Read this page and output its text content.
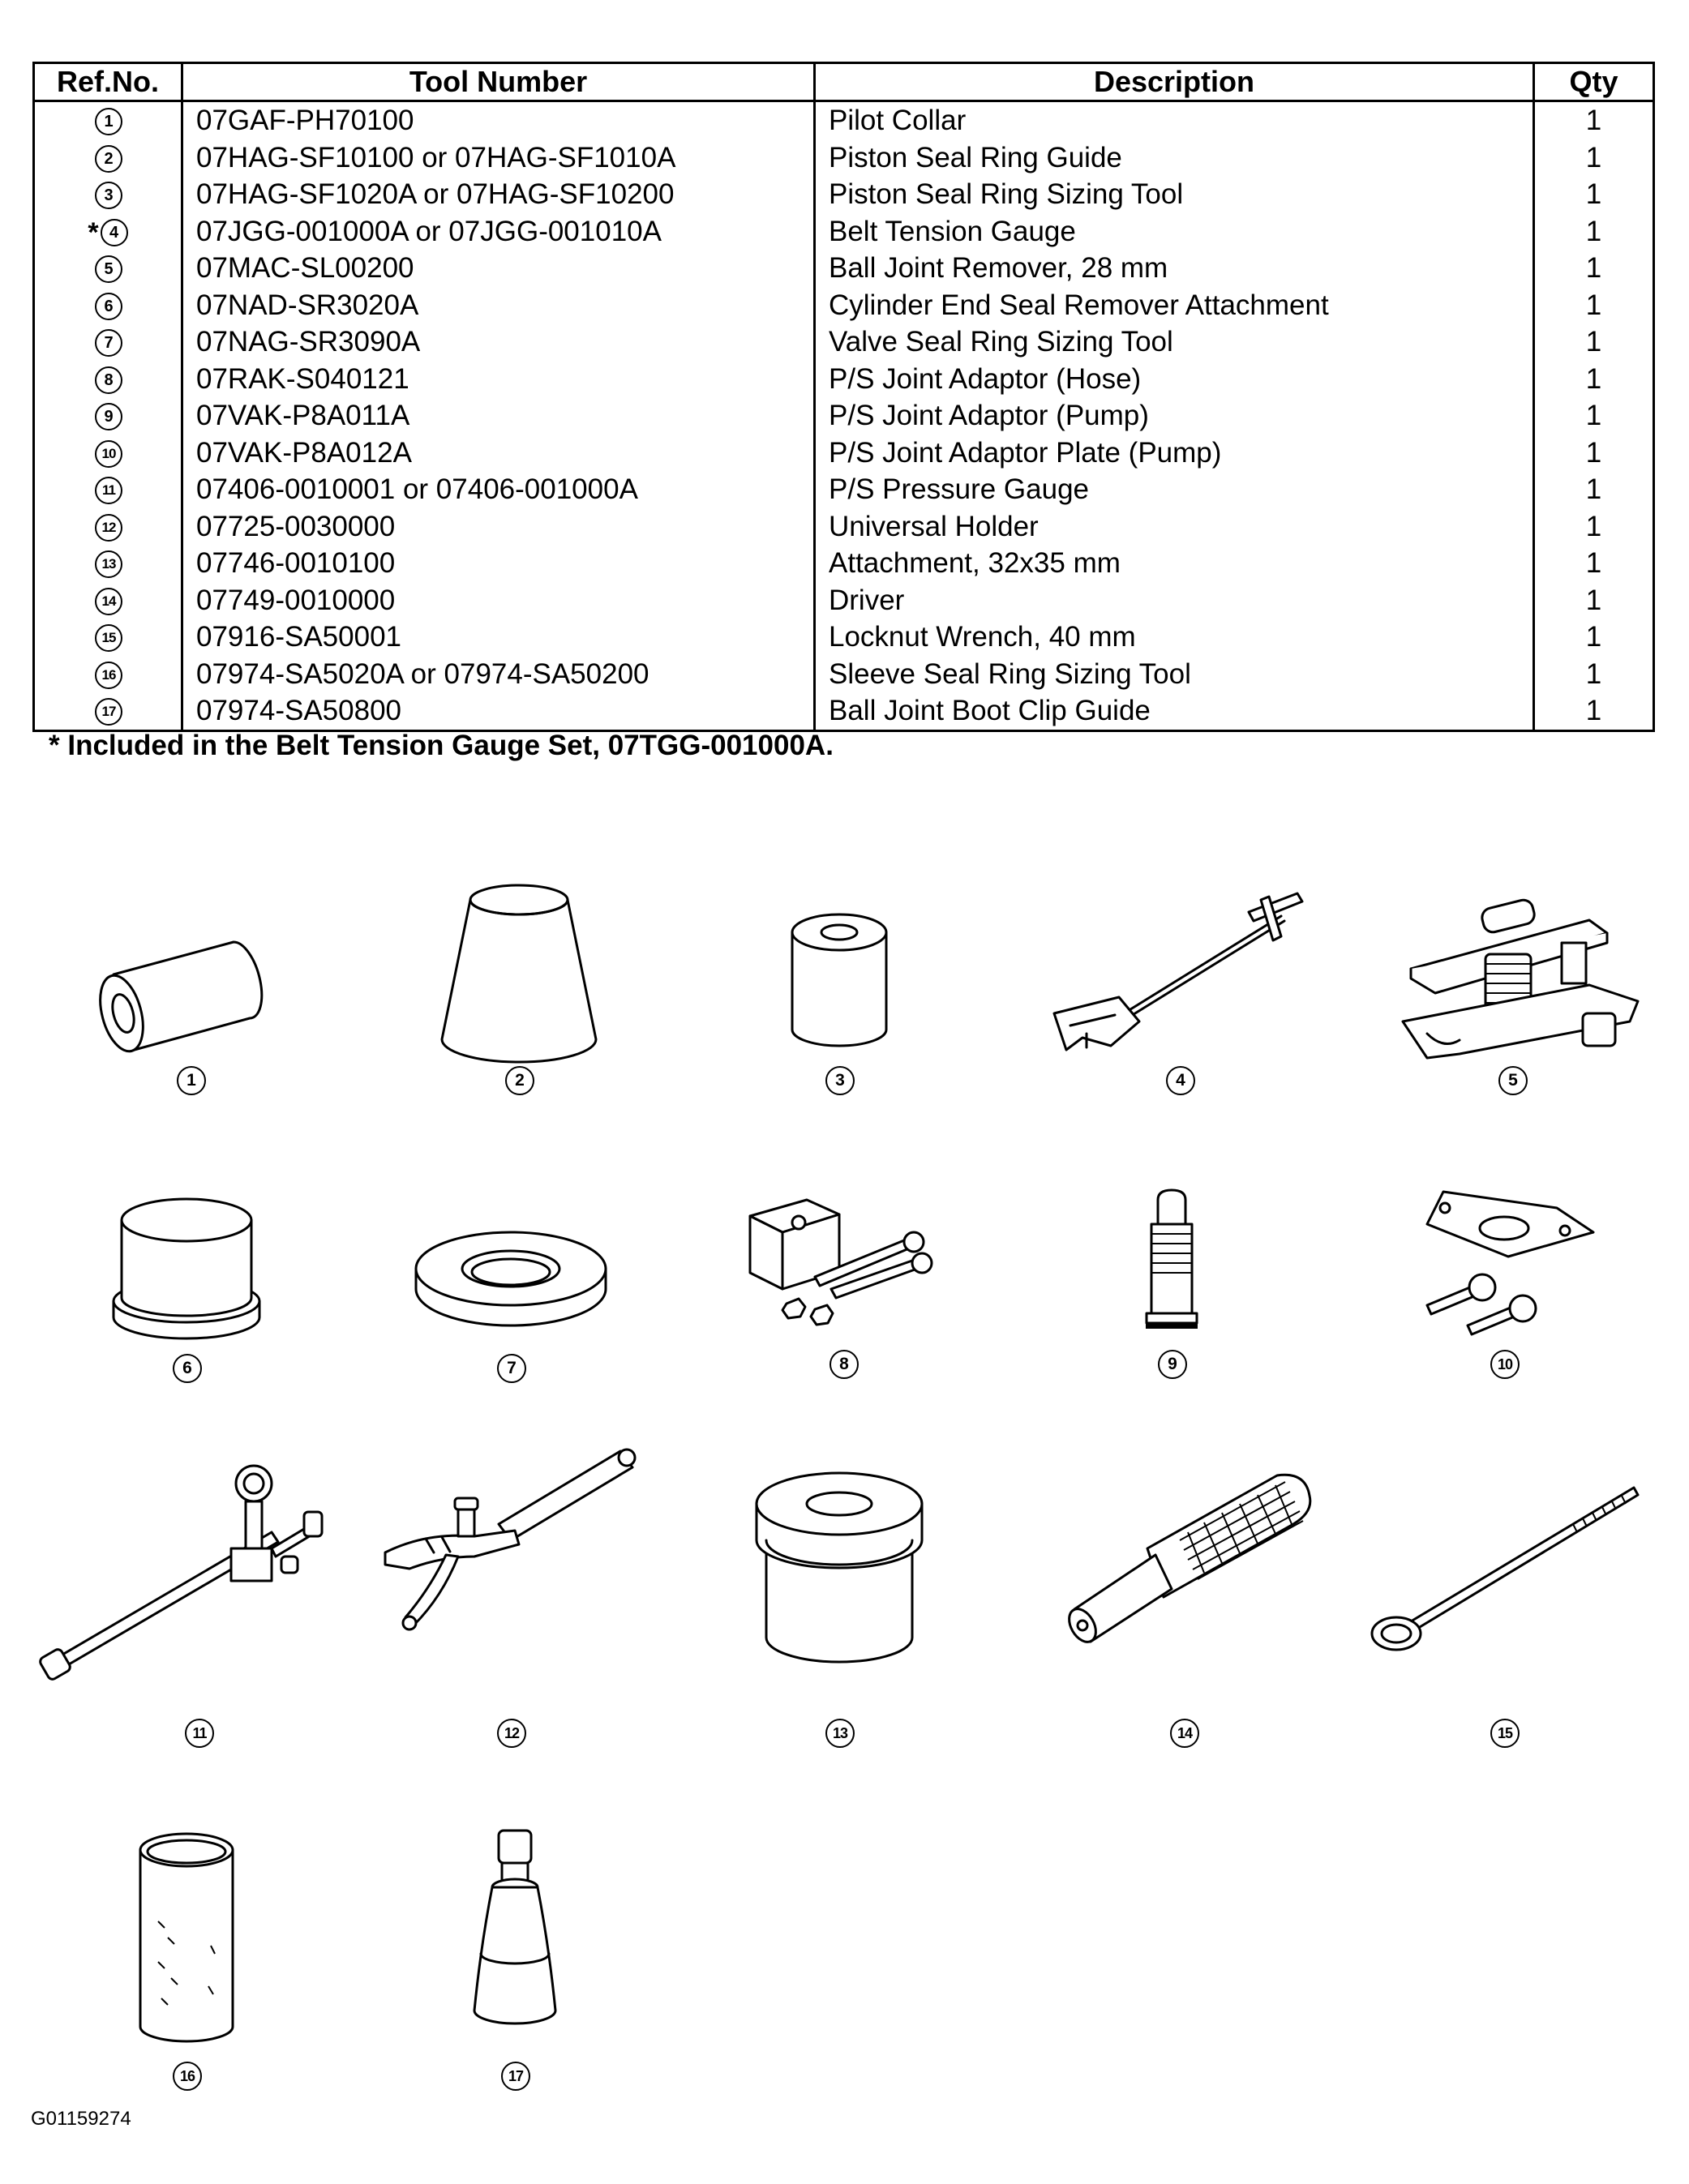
Ref.No.	Tool Number	Description	Qty
1	07GAF-PH70100	Pilot Collar	1
2	07HAG-SF10100 or 07HAG-SF1010A	Piston Seal Ring Guide	1
3	07HAG-SF1020A or 07HAG-SF10200	Piston Seal Ring Sizing Tool	1
* 4	07JGG-001000A or 07JGG-001010A	Belt Tension Gauge	1
5	07MAC-SL00200	Ball Joint Remover, 28 mm	1
6	07NAD-SR3020A	Cylinder End Seal Remover Attachment	1
7	07NAG-SR3090A	Valve Seal Ring Sizing Tool	1
8	07RAK-S040121	P/S Joint Adaptor (Hose)	1
9	07VAK-P8A011A	P/S Joint Adaptor (Pump)	1
10	07VAK-P8A012A	P/S Joint Adaptor Plate (Pump)	1
11	07406-0010001 or 07406-001000A	P/S Pressure Gauge	1
12	07725-0030000	Universal Holder	1
13	07746-0010100	Attachment, 32x35 mm	1
14	07749-0010000	Driver	1
15	07916-SA50001	Locknut Wrench, 40 mm	1
16	07974-SA5020A or 07974-SA50200	Sleeve Seal Ring Sizing Tool	1
17	07974-SA50800	Ball Joint Boot Clip Guide	1
* Included in the Belt Tension Gauge Set, 07TGG-001000A.
1	2	3	4	5
6	7	8	9	10
11	12	13	14	15
16	17
G01159274
